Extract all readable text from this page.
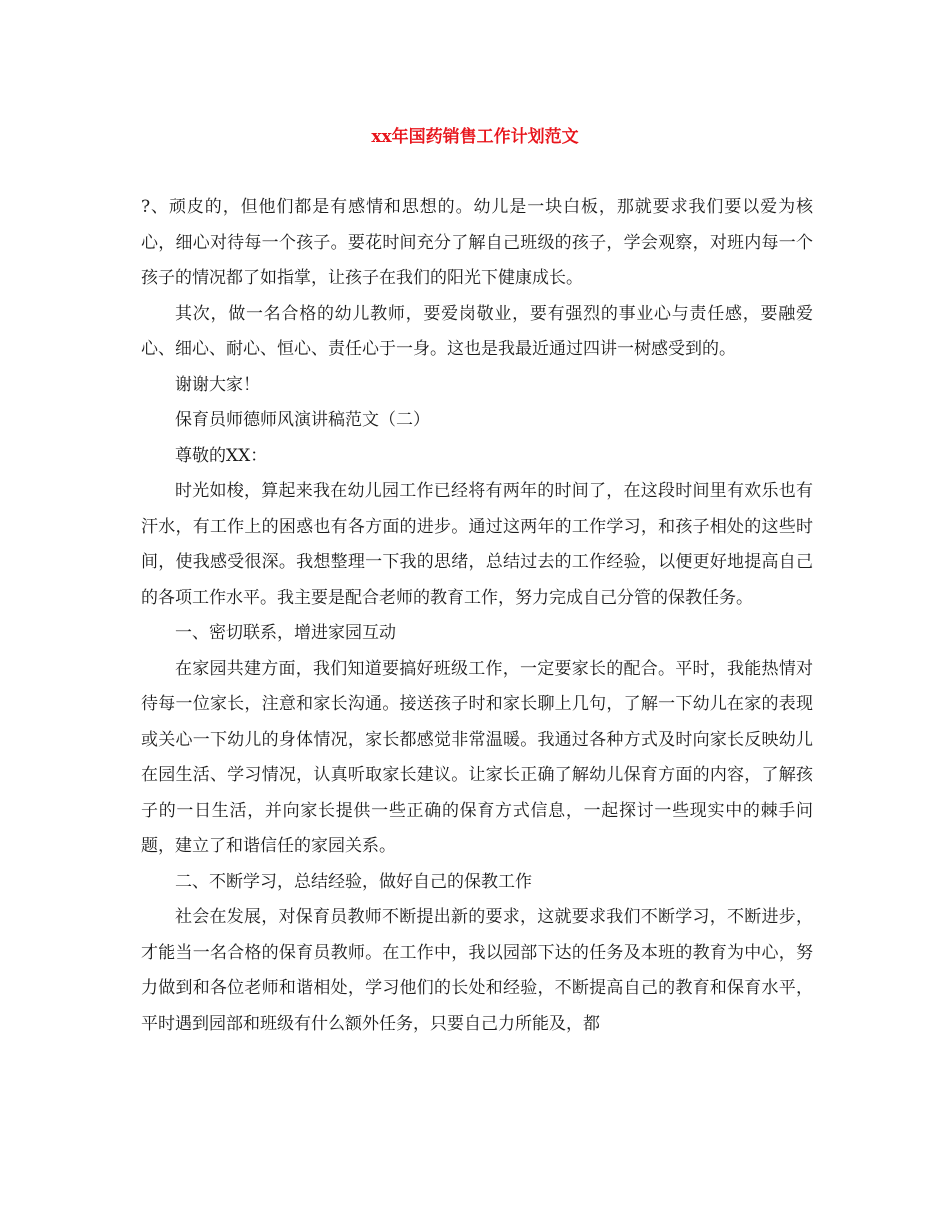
xx年国药销售工作计划范文

?、顽皮的，但他们都是有感情和思想的。幼儿是一块白板，那就要求我们要以爱为核心，细心对待每一个孩子。要花时间充分了解自己班级的孩子，学会观察，对班内每一个孩子的情况都了如指掌，让孩子在我们的阳光下健康成长。

其次，做一名合格的幼儿教师，要爱岗敬业，要有强烈的事业心与责任感，要融爱心、细心、耐心、恒心、责任心于一身。这也是我最近通过四讲一树感受到的。

谢谢大家！

保育员师德师风演讲稿范文（二）

尊敬的XX：

时光如梭，算起来我在幼儿园工作已经将有两年的时间了，在这段时间里有欢乐也有汗水，有工作上的困惑也有各方面的进步。通过这两年的工作学习，和孩子相处的这些时间，使我感受很深。我想整理一下我的思绪，总结过去的工作经验，以便更好地提高自己的各项工作水平。我主要是配合老师的教育工作，努力完成自己分管的保教任务。

一、密切联系，增进家园互动

在家园共建方面，我们知道要搞好班级工作，一定要家长的配合。平时，我能热情对待每一位家长，注意和家长沟通。接送孩子时和家长聊上几句，了解一下幼儿在家的表现或关心一下幼儿的身体情况，家长都感觉非常温暖。我通过各种方式及时向家长反映幼儿在园生活、学习情况，认真听取家长建议。让家长正确了解幼儿保育方面的内容，了解孩子的一日生活，并向家长提供一些正确的保育方式信息，一起探讨一些现实中的棘手问题，建立了和谐信任的家园关系。

二、不断学习，总结经验，做好自己的保教工作

社会在发展，对保育员教师不断提出新的要求，这就要求我们不断学习，不断进步，才能当一名合格的保育员教师。在工作中，我以园部下达的任务及本班的教育为中心，努力做到和各位老师和谐相处，学习他们的长处和经验，不断提高自己的教育和保育水平，平时遇到园部和班级有什么额外任务，只要自己力所能及，都
